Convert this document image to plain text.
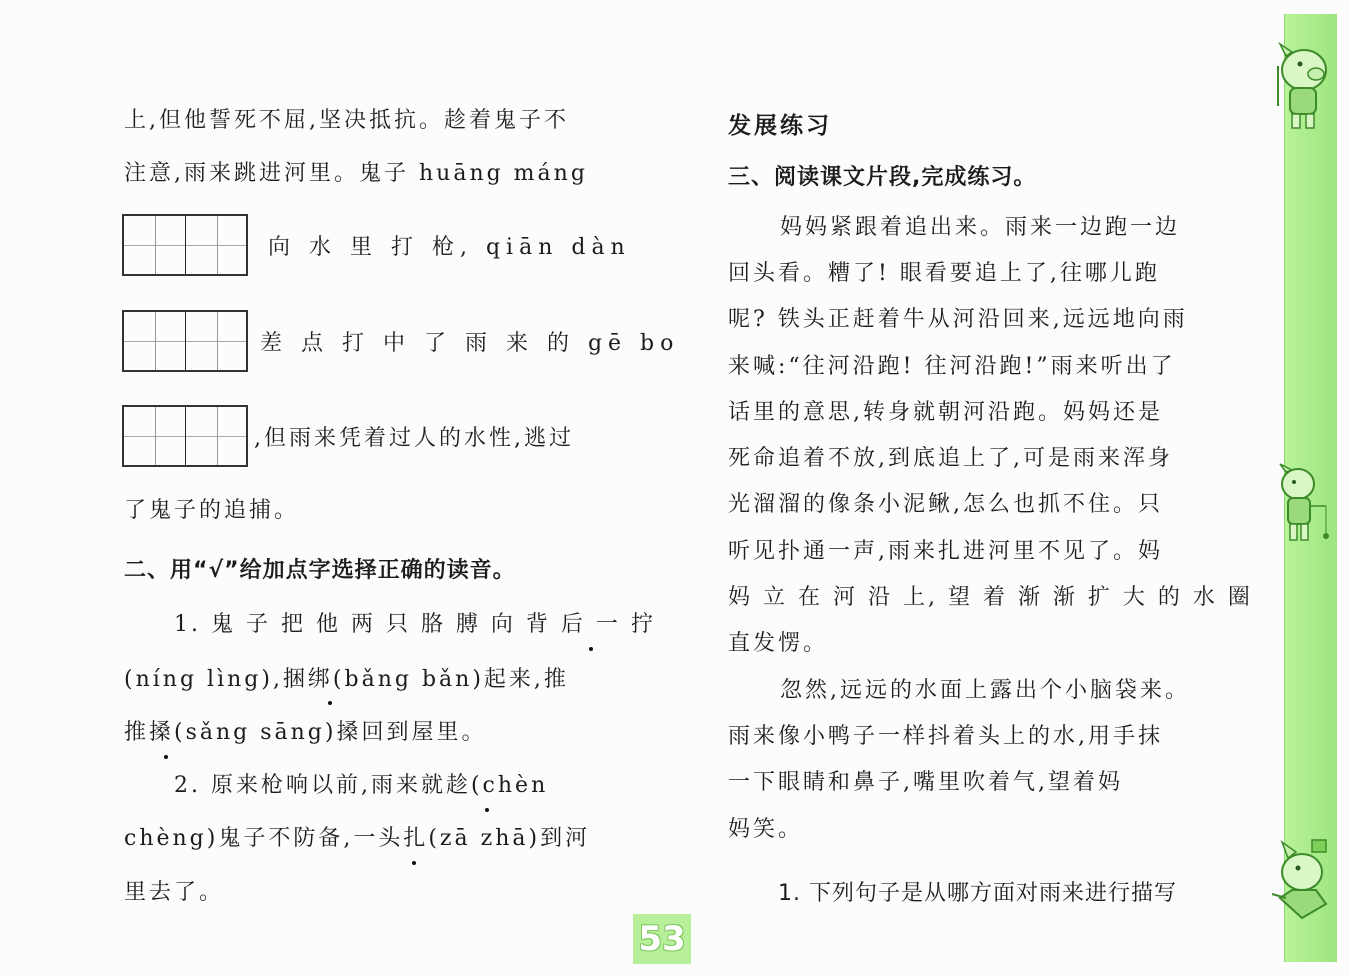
上,但他誓死不屈,坚决抵抗。趁着鬼子不
注意,雨来跳进河里。鬼子 huāng máng
向 水 里 打 枪, qiān dàn
差 点 打 中 了 雨 来 的 gē bo
,但雨来凭着过人的水性,逃过
了鬼子的追捕。
二、用“√”给加点字选择正确的读音。
1. 鬼 子 把 他 两 只 胳 膊 向 背 后 一 拧
(níng lìng),捆绑(bǎng bǎn)起来,推
推搡(sǎng sāng)搡回到屋里。
2. 原来枪响以前,雨来就趁(chèn
chèng)鬼子不防备,一头扎(zā zhā)到河
里去了。
发展练习
三、阅读课文片段,完成练习。
妈妈紧跟着追出来。雨来一边跑一边
回头看。糟了! 眼看要追上了,往哪儿跑
呢? 铁头正赶着牛从河沿回来,远远地向雨
来喊:“往河沿跑! 往河沿跑!”雨来听出了
话里的意思,转身就朝河沿跑。妈妈还是
死命追着不放,到底追上了,可是雨来浑身
光溜溜的像条小泥鳅,怎么也抓不住。只
听见扑通一声,雨来扎进河里不见了。妈
妈 立 在 河 沿 上, 望 着 渐 渐 扩 大 的 水 圈
直发愣。
忽然,远远的水面上露出个小脑袋来。
雨来像小鸭子一样抖着头上的水,用手抹
一下眼睛和鼻子,嘴里吹着气,望着妈
妈笑。
1. 下列句子是从哪方面对雨来进行描写
53
